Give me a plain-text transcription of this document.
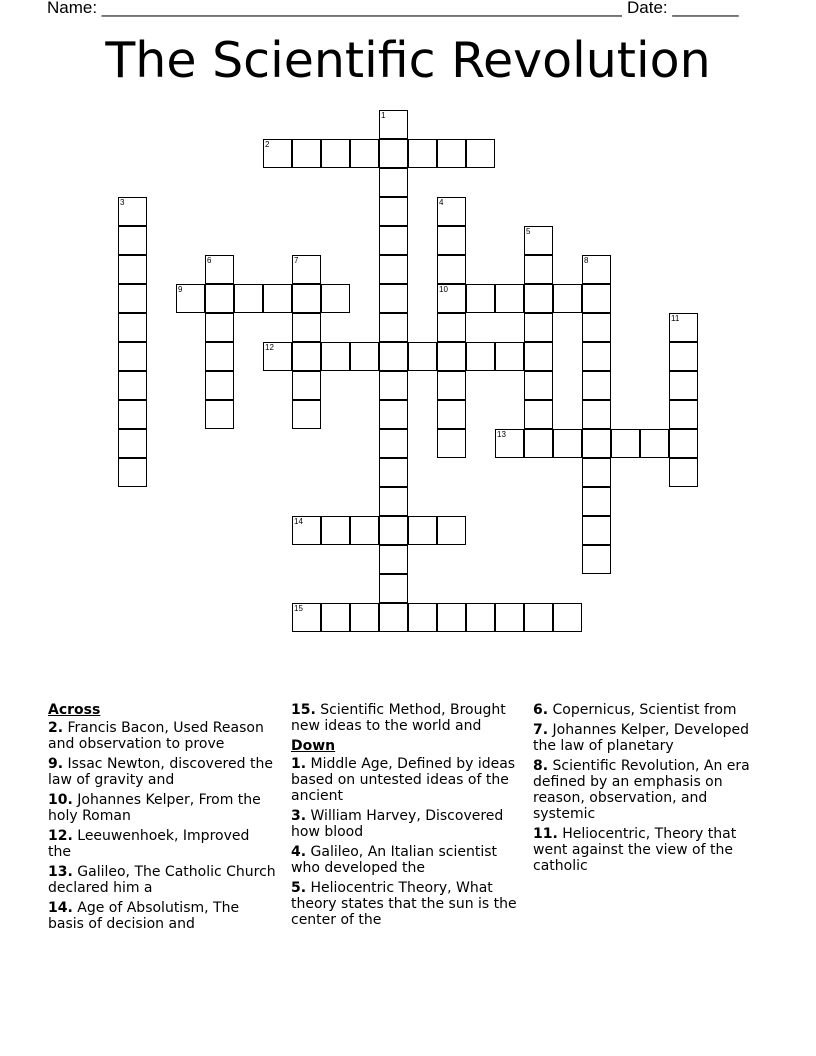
Name: _______________________________________________________ Date: _______
The Scientific Revolution
1
2
3	4
10
5
6	7	8
9
11
12
13
14
15
Across
2. Francis Bacon, Used Reason and observation to prove
9. Issac Newton, discovered the law of gravity and
10. Johannes Kelper, From the holy Roman
12. Leeuwenhoek, Improved the
13. Galileo, The Catholic Church declared him a
14. Age of Absolutism, The basis of decision and
15. Scientific Method, Brought new ideas to the world and
Down
1. Middle Age, Defined by ideas based on untested ideas of the ancient
3. William Harvey, Discovered how blood
4. Galileo, An Italian scientist who developed the
5. Heliocentric Theory, What theory states that the sun is the center of the
6. Copernicus, Scientist from
7. Johannes Kelper, Developed the law of planetary
8. Scientific Revolution, An era defined by an emphasis on reason, observation, and systemic
11. Heliocentric, Theory that went against the view of the catholic
